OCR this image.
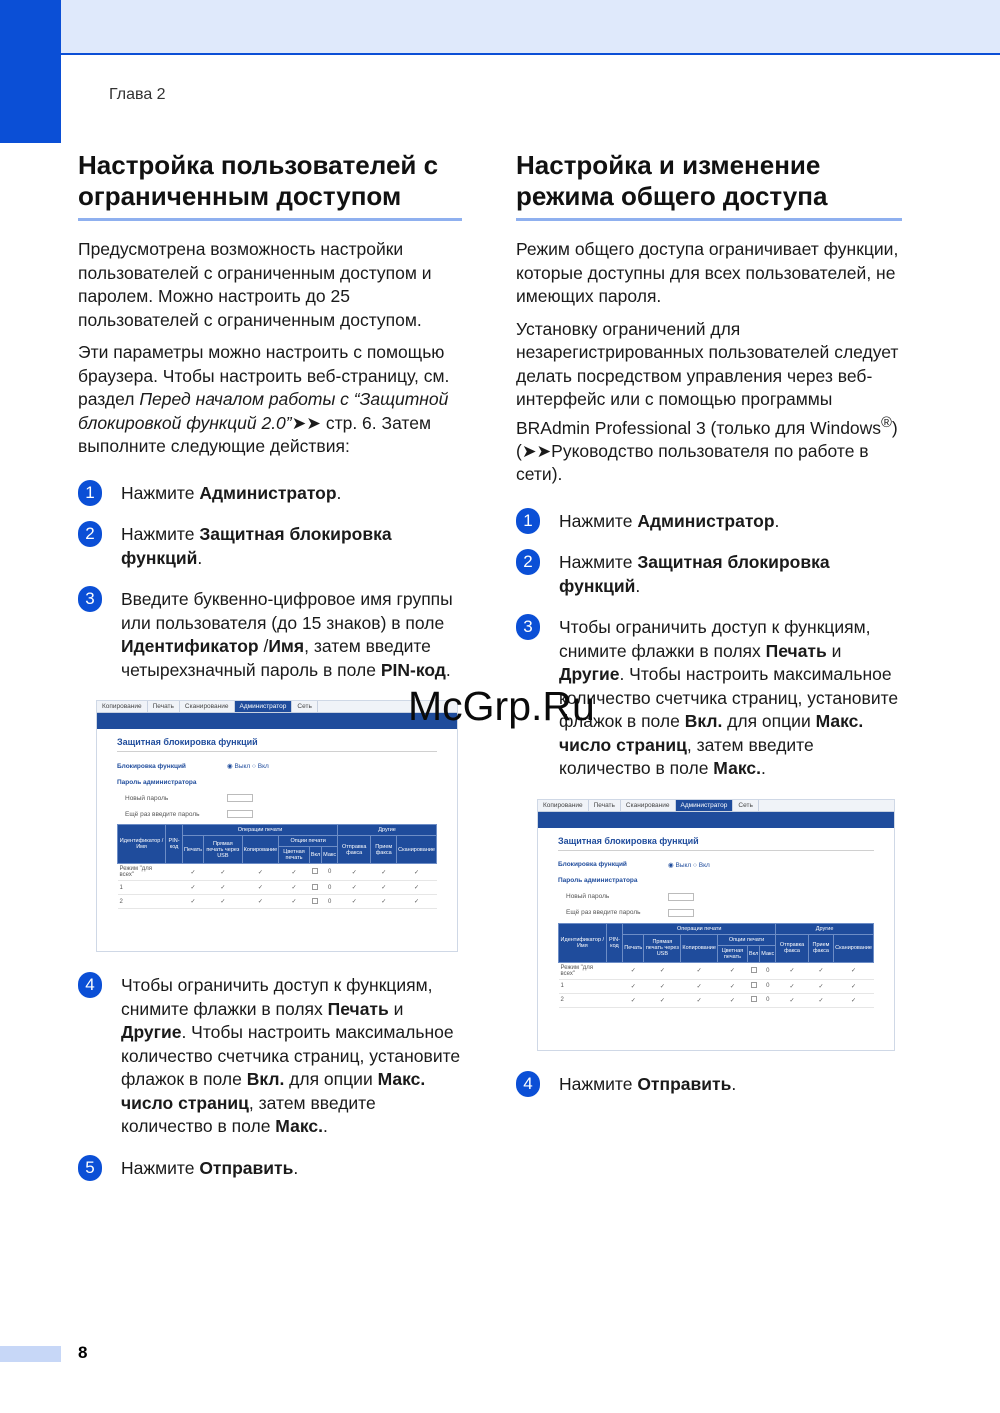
Глава 2
Настройка пользователей с ограниченным доступом

Предусмотрена возможность настройки пользователей с ограниченным доступом и паролем. Можно настроить до 25 пользователей с ограниченным доступом.

Эти параметры можно настроить с помощью браузера. Чтобы настроить веб-страницу, см. раздел Перед началом работы с “Защитной блокировкой функций 2.0”➤➤ стр. 6. Затем выполните следующие действия:

1	Нажмите Администратор.
2	Нажмите Защитная блокировка функций.
3	Введите буквенно-цифровое имя группы или пользователя (до 15 знаков) в поле Идентификатор /Имя, затем введите четырехзначный пароль в поле PIN-код.
Копирование	Печать	Сканирование	Администратор	Сеть
Защитная блокировка функций
Блокировка функций	◉ Выкл ○ Вкл
Пароль администратора
Новый пароль
Ещё раз введите пароль
Идентификатор /Имя	PIN-код	Операции печати						Другие		
		Печать	Прямая печать через USB	Копирование	Опции печати			Отправка факса	Прием факса	Сканирование
					Цветная печать	Вкл	Макс			
Режим "для всех"		✓	✓	✓	✓		0	✓	✓	✓
1		✓	✓	✓	✓		0	✓	✓	✓
2		✓	✓	✓	✓		0	✓	✓	✓
4	Чтобы ограничить доступ к функциям, снимите флажки в полях Печать и Другие. Чтобы настроить максимальное количество счетчика страниц, установите флажок в поле Вкл. для опции Макс. число страниц, затем введите количество в поле Макс..
5	Нажмите Отправить.
Настройка и изменение режима общего доступа

Режим общего доступа ограничивает функции, которые доступны для всех пользователей, не имеющих пароля.

Установку ограничений для незарегистрированных пользователей следует делать посредством управления через веб-интерфейс или с помощью программы BRAdmin Professional 3 (только для Windows®)
(➤➤Руководство пользователя по работе в сети).

1	Нажмите Администратор.
2	Нажмите Защитная блокировка функций.
3	Чтобы ограничить доступ к функциям, снимите флажки в полях Печать и Другие. Чтобы настроить максимальное количество счетчика страниц, установите флажок в поле Вкл. для опции Макс. число страниц, затем введите количество в поле Макс..
Копирование	Печать	Сканирование	Администратор	Сеть
Защитная блокировка функций
Блокировка функций	◉ Выкл ○ Вкл
Пароль администратора
Новый пароль
Ещё раз введите пароль
Идентификатор /Имя	PIN-код	Операции печати						Другие		
		Печать	Прямая печать через USB	Копирование	Опции печати			Отправка факса	Прием факса	Сканирование
					Цветная печать	Вкл	Макс			
Режим "для всех"		✓	✓	✓	✓		0	✓	✓	✓
1		✓	✓	✓	✓		0	✓	✓	✓
2		✓	✓	✓	✓		0	✓	✓	✓
4	Нажмите Отправить.
McGrp.Ru
8
